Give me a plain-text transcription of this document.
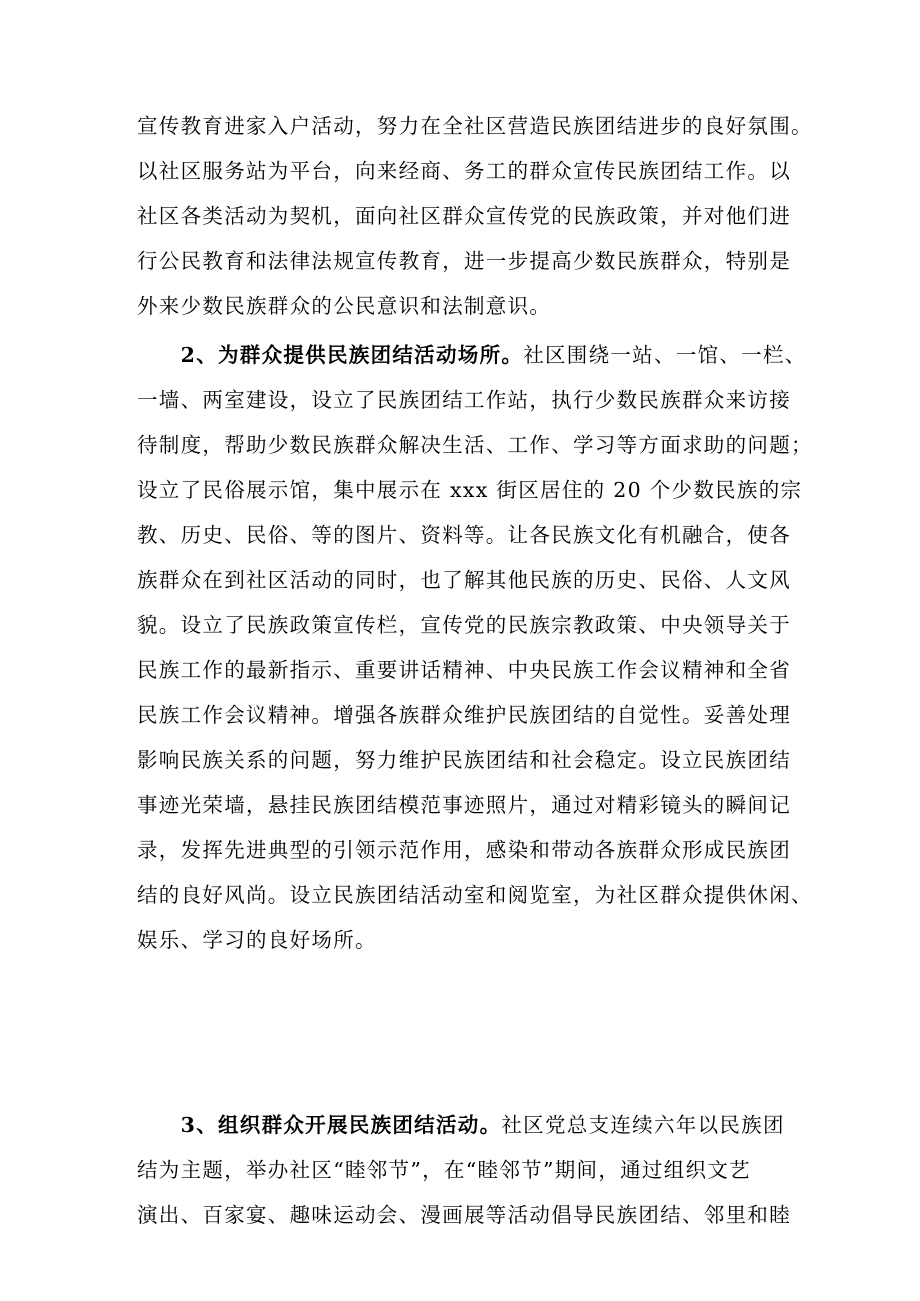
宣传教育进家入户活动，努力在全社区营造民族团结进步的良好氛围。
以社区服务站为平台，向来经商、务工的群众宣传民族团结工作。以
社区各类活动为契机，面向社区群众宣传党的民族政策，并对他们进
行公民教育和法律法规宣传教育，进一步提高少数民族群众，特别是
外来少数民族群众的公民意识和法制意识。
　　2、为群众提供民族团结活动场所。社区围绕一站、一馆、一栏、
一墙、两室建设，设立了民族团结工作站，执行少数民族群众来访接
待制度，帮助少数民族群众解决生活、工作、学习等方面求助的问题；
设立了民俗展示馆，集中展示在 xxx 街区居住的 20 个少数民族的宗
教、历史、民俗、等的图片、资料等。让各民族文化有机融合，使各
族群众在到社区活动的同时，也了解其他民族的历史、民俗、人文风
貌。设立了民族政策宣传栏，宣传党的民族宗教政策、中央领导关于
民族工作的最新指示、重要讲话精神、中央民族工作会议精神和全省
民族工作会议精神。增强各族群众维护民族团结的自觉性。妥善处理
影响民族关系的问题，努力维护民族团结和社会稳定。设立民族团结
事迹光荣墙，悬挂民族团结模范事迹照片，通过对精彩镜头的瞬间记
录，发挥先进典型的引领示范作用，感染和带动各族群众形成民族团
结的良好风尚。设立民族团结活动室和阅览室，为社区群众提供休闲、
娱乐、学习的良好场所。
　　3、组织群众开展民族团结活动。社区党总支连续六年以民族团
结为主题，举办社区“睦邻节”，在“睦邻节”期间，通过组织文艺
演出、百家宴、趣味运动会、漫画展等活动倡导民族团结、邻里和睦
